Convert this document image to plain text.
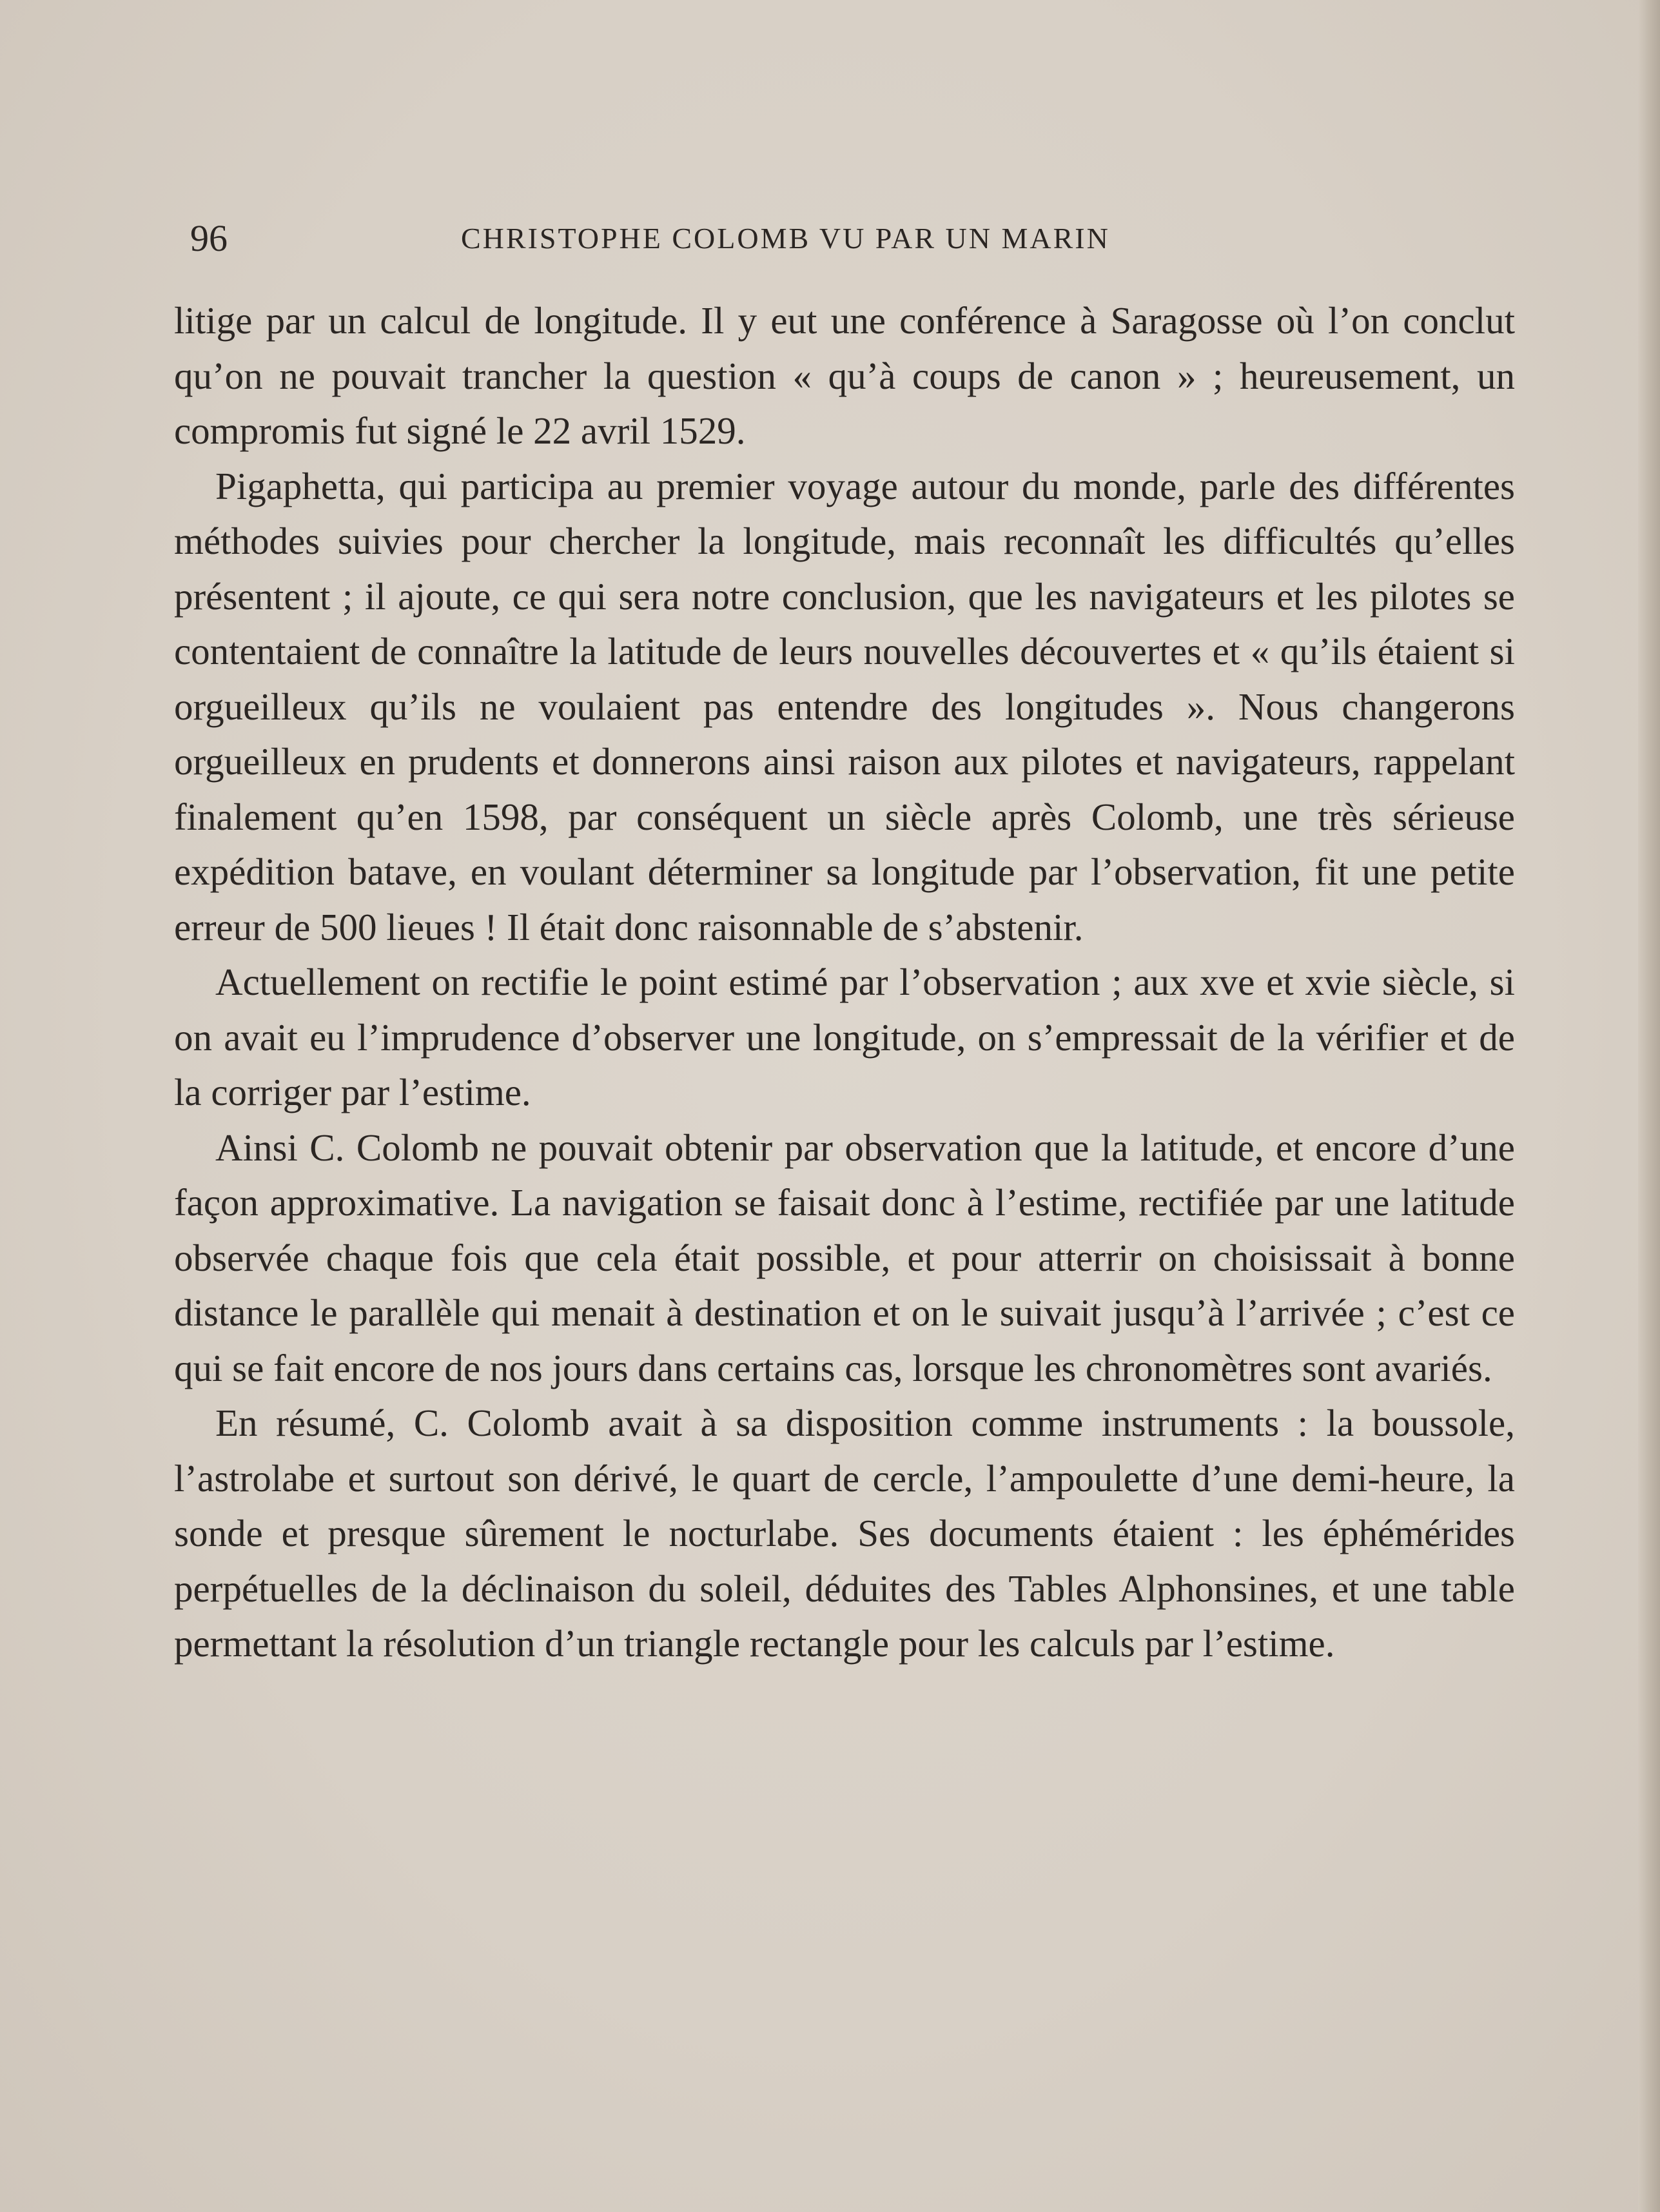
96	CHRISTOPHE COLOMB VU PAR UN MARIN

litige par un calcul de longitude. Il y eut une conférence à Saragosse où l’on conclut qu’on ne pouvait trancher la question « qu’à coups de canon » ; heureusement, un compromis fut signé le 22 avril 1529.

Pigaphetta, qui participa au premier voyage autour du monde, parle des différentes méthodes suivies pour chercher la longitude, mais reconnaît les difficultés qu’elles présentent ; il ajoute, ce qui sera notre conclusion, que les navigateurs et les pilotes se contentaient de connaître la latitude de leurs nouvelles découvertes et « qu’ils étaient si orgueilleux qu’ils ne voulaient pas entendre des longitudes ». Nous changerons orgueilleux en prudents et donnerons ainsi raison aux pilotes et navigateurs, rappelant finalement qu’en 1598, par conséquent un siècle après Colomb, une très sérieuse expédition batave, en voulant déterminer sa longitude par l’observation, fit une petite erreur de 500 lieues ! Il était donc raisonnable de s’abstenir.

Actuellement on rectifie le point estimé par l’observation ; aux xve et xvie siècle, si on avait eu l’imprudence d’observer une longitude, on s’empressait de la vérifier et de la corriger par l’estime.

Ainsi C. Colomb ne pouvait obtenir par observation que la latitude, et encore d’une façon approximative. La navigation se faisait donc à l’estime, rectifiée par une latitude observée chaque fois que cela était possible, et pour atterrir on choisissait à bonne distance le parallèle qui menait à destination et on le suivait jusqu’à l’arrivée ; c’est ce qui se fait encore de nos jours dans certains cas, lorsque les chronomètres sont avariés.

En résumé, C. Colomb avait à sa disposition comme instruments : la boussole, l’astrolabe et surtout son dérivé, le quart de cercle, l’ampoulette d’une demi-heure, la sonde et presque sûrement le nocturlabe. Ses documents étaient : les éphémérides perpétuelles de la déclinaison du soleil, déduites des Tables Alphonsines, et une table permettant la résolution d’un triangle rectangle pour les calculs par l’estime.
